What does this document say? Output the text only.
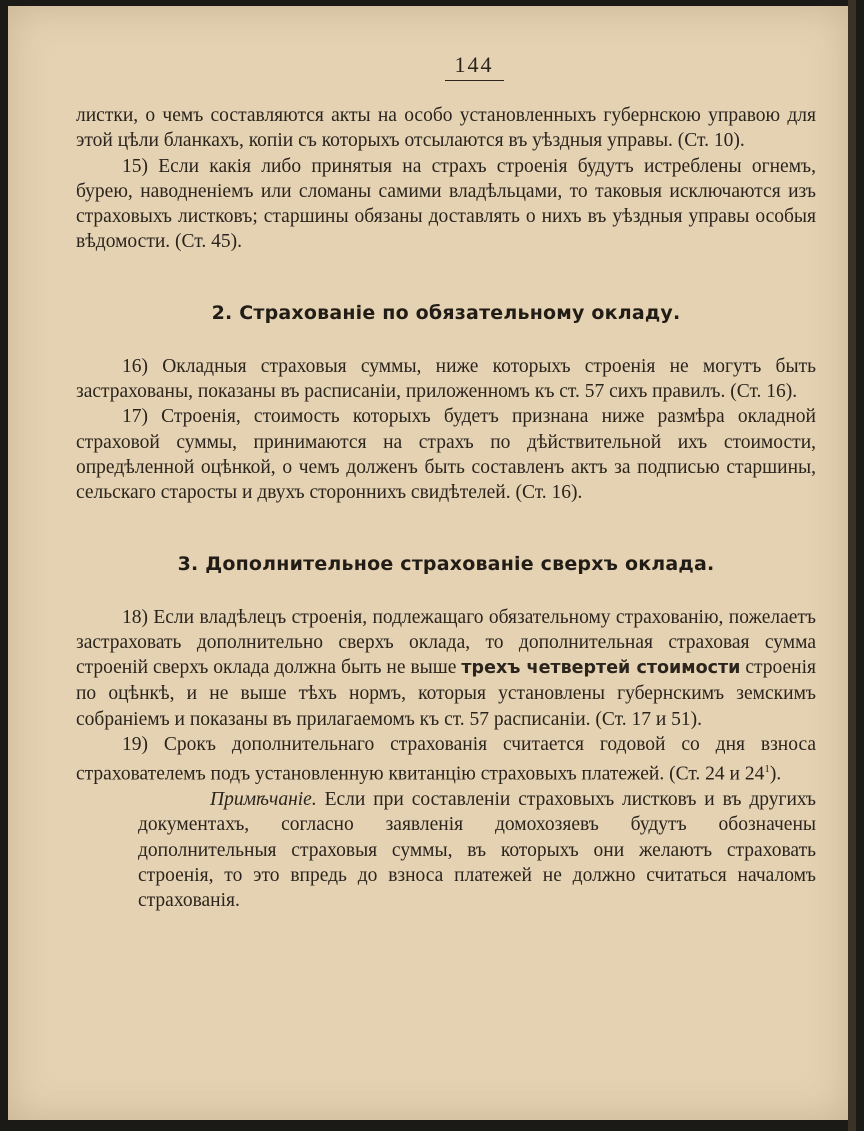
144

листки, о чемъ составляются акты на особо установленныхъ губернскою управою для этой цѣли бланкахъ, копіи съ которыхъ отсылаются въ уѣздныя управы. (Ст. 10).

15) Если какія либо принятыя на страхъ строенія будутъ истреблены огнемъ, бурею, наводненіемъ или сломаны самими владѣльцами, то таковыя исключаются изъ страховыхъ листковъ; старшины обязаны доставлять о нихъ въ уѣздныя управы особыя вѣдомости. (Ст. 45).

2. Страхованіе по обязательному окладу.

16) Окладныя страховыя суммы, ниже которыхъ строенія не могутъ быть застрахованы, показаны въ расписаніи, приложенномъ къ ст. 57 сихъ правилъ. (Ст. 16).

17) Строенія, стоимость которыхъ будетъ признана ниже размѣра окладной страховой суммы, принимаются на страхъ по дѣйствительной ихъ стоимости, опредѣленной оцѣнкой, о чемъ долженъ быть составленъ актъ за подписью старшины, сельскаго старосты и двухъ стороннихъ свидѣтелей. (Ст. 16).

3. Дополнительное страхованіе сверхъ оклада.

18) Если владѣлецъ строенія, подлежащаго обязательному страхованію, пожелаетъ застраховать дополнительно сверхъ оклада, то дополнительная страховая сумма строеній сверхъ оклада должна быть не выше трехъ четвертей стоимости строенія по оцѣнкѣ, и не выше тѣхъ нормъ, которыя установлены губернскимъ земскимъ собраніемъ и показаны въ прилагаемомъ къ ст. 57 расписаніи. (Ст. 17 и 51).

19) Срокъ дополнительнаго страхованія считается годовой со дня взноса страхователемъ подъ установленную квитанцію страховыхъ платежей. (Ст. 24 и $24^1$).

Примѣчаніе. Если при составленіи страховыхъ листковъ и въ другихъ документахъ, согласно заявленія домохозяевъ будутъ обозначены дополнительныя страховыя суммы, въ которыхъ они желаютъ страховать строенія, то это впредь до взноса платежей не должно считаться началомъ страхованія.
